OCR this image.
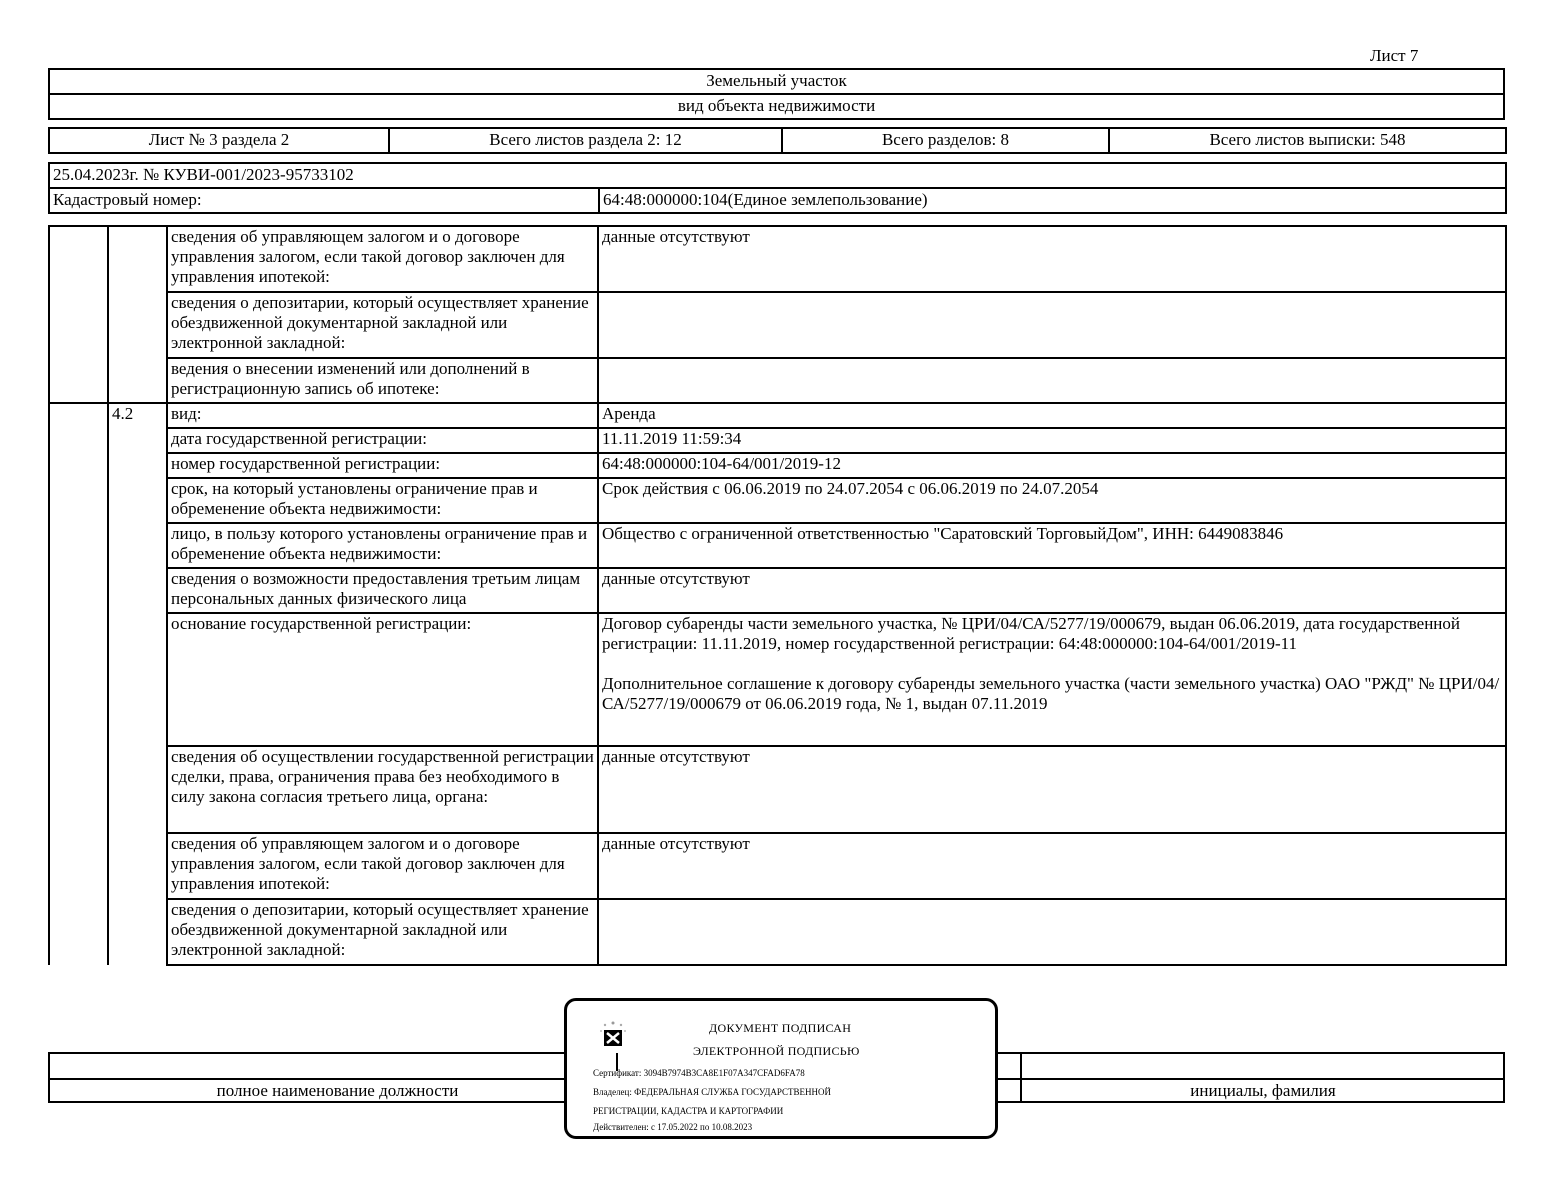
Лист 7
Земельный участок
вид объекта недвижимости
Лист № 3 раздела 2	Всего листов раздела 2: 12	Всего разделов: 8	Всего листов выписки: 548
25.04.2023г. № КУВИ-001/2023-95733102
Кадастровый номер:	64:48:000000:104(Единое землепользование)
		сведения об управляющем залогом и о договоре управления залогом, если такой договор заключен для управления ипотекой:	данные отсутствуют
		сведения о депозитарии, который осуществляет хранение обездвиженной документарной закладной или электронной закладной:	
		ведения о внесении изменений или дополнений в регистрационную запись об ипотеке:	
	4.2	вид:	Аренда
		дата государственной регистрации:	11.11.2019 11:59:34
		номер государственной регистрации:	64:48:000000:104-64/001/2019-12
		срок, на который установлены ограничение прав и обременение объекта недвижимости:	Срок действия с 06.06.2019 по 24.07.2054 с 06.06.2019 по 24.07.2054
		лицо, в пользу которого установлены ограничение прав и обременение объекта недвижимости:	Общество с ограниченной ответственностью "Саратовский ТорговыйДом", ИНН: 6449083846
		сведения о возможности предоставления третьим лицам персональных данных физического лица	данные отсутствуют
		основание государственной регистрации:	Договор субаренды части земельного участка, № ЦРИ/04/СА/5277/19/000679, выдан 06.06.2019, дата государственной регистрации: 11.11.2019, номер государственной регистрации: 64:48:000000:104-64/001/2019-11
Дополнительное соглашение к договору субаренды земельного участка (части земельного участка) ОАО "РЖД" № ЦРИ/04/СА/5277/19/000679 от 06.06.2019 года, № 1, выдан 07.11.2019

		сведения об осуществлении государственной регистрации сделки, права, ограничения права без необходимого в силу закона согласия третьего лица, органа:	данные отсутствуют
		сведения об управляющем залогом и о договоре управления залогом, если такой договор заключен для управления ипотекой:	данные отсутствуют
		сведения о депозитарии, который осуществляет хранение обездвиженной документарной закладной или электронной закладной:	
полное наименование должности	инициалы, фамилия
ДОКУМЕНТ ПОДПИСАН
ЭЛЕКТРОННОЙ ПОДПИСЬЮ
Сертификат: 3094B7974B3CA8E1F07A347CFAD6FA78
Владелец: ФЕДЕРАЛЬНАЯ СЛУЖБА ГОСУДАРСТВЕННОЙ
РЕГИСТРАЦИИ, КАДАСТРА И КАРТОГРАФИИ
Действителен: с 17.05.2022 по 10.08.2023
